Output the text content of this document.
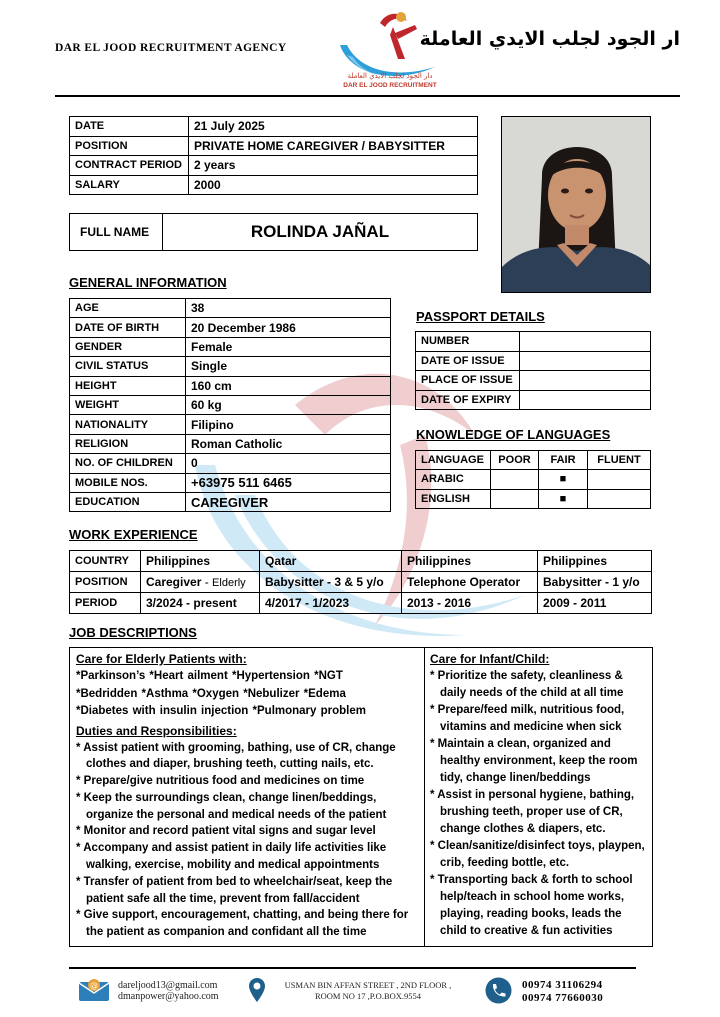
DAR EL JOOD RECRUITMENT AGENCY
دار الجود لجلب الايدي العاملة
DAR EL JOOD RECRUITMENT
ار الجود لجلب الايدي العاملة
DATE	21 July 2025
POSITION	PRIVATE HOME CAREGIVER / BABYSITTER
CONTRACT PERIOD	2 years
SALARY	2000
FULL NAME	ROLINDA JAÑAL
GENERAL INFORMATION
AGE	38
DATE OF BIRTH	20 December 1986
GENDER	Female
CIVIL STATUS	Single
HEIGHT	160 cm
WEIGHT	60 kg
NATIONALITY	Filipino
RELIGION	Roman Catholic
NO. OF CHILDREN	0
MOBILE NOS.	+63975 511 6465
EDUCATION	CAREGIVER
PASSPORT DETAILS
NUMBER	
DATE OF ISSUE	
PLACE OF ISSUE	
DATE OF EXPIRY	
KNOWLEDGE OF LANGUAGES
LANGUAGE	POOR	FAIR	FLUENT
ARABIC		■	
ENGLISH		■	
WORK EXPERIENCE
COUNTRY	Philippines	Qatar	Philippines	Philippines
POSITION	Caregiver - Elderly	Babysitter - 3 & 5 y/o	Telephone Operator	Babysitter - 1 y/o
PERIOD	3/2024 - present	4/2017 - 1/2023	2013 - 2016	2009 - 2011
JOB DESCRIPTIONS
Care for Elderly Patients with:
*Parkinson’s *Heart ailment *Hypertension *NGT
*Bedridden *Asthma *Oxygen *Nebulizer *Edema
*Diabetes with insulin injection *Pulmonary problem
Duties and Responsibilities:
* Assist patient with grooming, bathing, use of CR, change clothes and diaper, brushing teeth, cutting nails, etc.
* Prepare/give nutritious food and medicines on time
* Keep the surroundings clean, change linen/beddings, organize the personal and medical needs of the patient
* Monitor and record patient vital signs and sugar level
* Accompany and assist patient in daily life activities like walking, exercise, mobility and medical appointments
* Transfer of patient from bed to wheelchair/seat, keep the patient safe all the time, prevent from fall/accident
* Give support, encouragement, chatting, and being there for the patient as companion and confidant all the time
Care for Infant/Child:
* Prioritize the safety, cleanliness & daily needs of the child at all time
* Prepare/feed milk, nutritious food, vitamins and medicine when sick
* Maintain a clean, organized and healthy environment, keep the room tidy, change linen/beddings
* Assist in personal hygiene, bathing, brushing teeth, proper use of CR, change clothes & diapers, etc.
* Clean/sanitize/disinfect toys, playpen, crib, feeding bottle, etc.
* Transporting back & forth to school help/teach in school home works, playing, reading books, leads the child to creative & fun activities
@ dareljood13@gmail.com
dmanpower@yahoo.com
USMAN BIN AFFAN STREET , 2ND FLOOR ,
ROOM NO 17 ,P.O.BOX.9554
00974 31106294
00974 77660030
